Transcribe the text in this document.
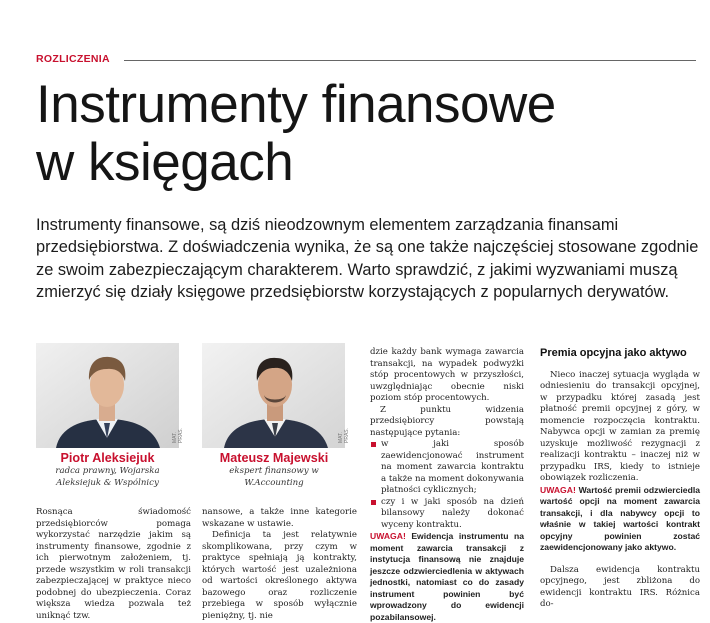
ROZLICZENIA
Instrumenty finansowe
w księgach

Instrumenty finansowe, są dziś nieodzownym elementem zarządzania finansami przedsiębiorstwa. Z doświadczenia wynika, że są one także najczęściej stosowane zgodnie ze swoim zabezpieczającym charakterem. Warto sprawdzić, z jakimi wyzwaniami muszą zmierzyć się działy księgowe przedsiębiorstw korzystających z popularnych derywatów.

MAT. PRAS.	MAT. PRAS.
Piotr Aleksiejuk
radca prawny, Wojarska
Aleksiejuk & Wspólnicy
Mateusz Majewski
ekspert finansowy w W.Accounting

Rosnąca świadomość przedsiębiorców pomaga wykorzystać narzędzie jakim są instrumenty finansowe, zgodnie z ich pierwotnym założeniem, tj. przede wszystkim w roli transakcji zabezpieczającej w praktyce nieco podobnej do ubezpieczenia. Coraz większa wiedza pozwala też uniknąć tzw.

nansowe, a także inne kategorie wskazane w ustawie.

Definicja ta jest relatywnie skomplikowana, przy czym w praktyce spełniają ją kontrakty, których wartość jest uzależniona od wartości określonego aktywa bazowego oraz rozliczenie przebiega w sposób wyłącznie pieniężny, tj. nie

dzie każdy bank wymaga zawarcia transakcji, na wypadek podwyżki stóp procentowych w przyszłości, uwzględniając obecnie niski poziom stóp procentowych.

Z punktu widzenia przedsiębiorcy powstają następujące pytania:

w jaki sposób zaewidencjonować instrument na moment zawarcia kontraktu a także na moment dokonywania płatności cyklicznych;
czy i w jaki sposób na dzień bilansowy należy dokonać wyceny kontraktu.

UWAGA! Ewidencja instrumentu na moment zawarcia transakcji z instytucja finansową nie znajduje jeszcze odzwierciedlenia w aktywach jednostki, natomiast co do zasady instrument powinien być wprowadzony do ewidencji pozabilansowej.

Premia opcyjna jako aktywo

Nieco inaczej sytuacja wygląda w odniesieniu do transakcji opcyjnej, w przypadku której zasadą jest płatność premii opcyjnej z góry, w momencie rozpoczęcia kontraktu. Nabywca opcji w zamian za premię uzyskuje możliwość rezygnacji z realizacji kontraktu – inaczej niż w przypadku IRS, kiedy to istnieje obowiązek rozliczenia.

UWAGA! Wartość premii odzwierciedla wartość opcji na moment zawarcia transakcji, i dla nabywcy opcji to właśnie w takiej wartości kontrakt opcyjny powinien zostać zaewidencjonowany jako aktywo.

Dalsza ewidencja kontraktu opcyjnego, jest zbliżona do ewidencji kontraktu IRS. Różnica do-
